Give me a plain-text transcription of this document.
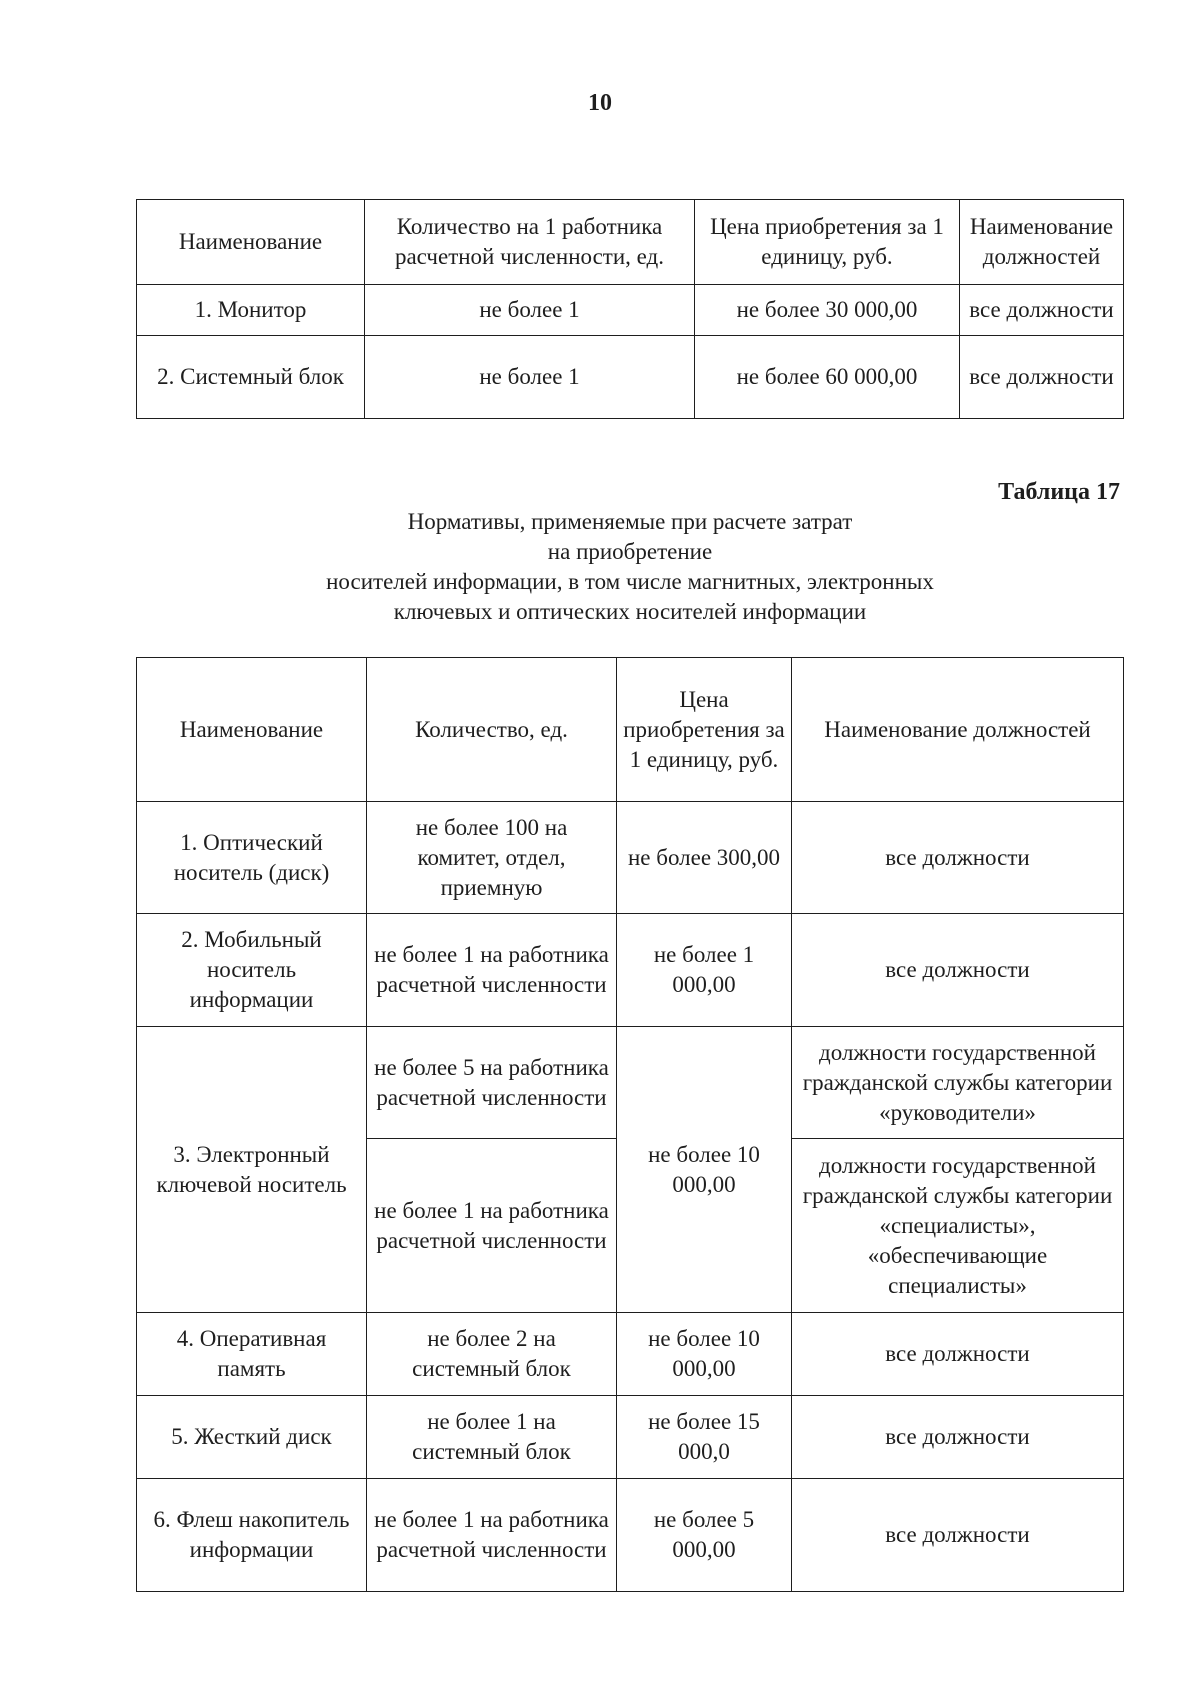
10
Наименование	Количество на 1 работника расчетной численности, ед.	Цена приобретения за 1 единицу, руб.	Наименование должностей
1. Монитор	не более 1	не более 30 000,00	все должности
2. Системный блок	не более 1	не более 60 000,00	все должности
Таблица 17
Нормативы, применяемые при расчете затрат
на приобретение
носителей информации, в том числе магнитных, электронных
ключевых и оптических носителей информации
Наименование	Количество, ед.	Цена приобретения за 1 единицу, руб.	Наименование должностей
1. Оптический носитель (диск)	не более 100 на комитет, отдел, приемную	не более 300,00	все должности
2. Мобильный носитель информации	не более 1 на работника расчетной численности	не более 1 000,00	все должности
3. Электронный ключевой носитель	не более 5 на работника расчетной численности	не более 10 000,00	должности государственной гражданской службы категории «руководители»
	не более 1 на работника расчетной численности		должности государственной гражданской службы категории «специалисты», «обеспечивающие специалисты»
4. Оперативная память	не более 2 на системный блок	не более 10 000,00	все должности
5. Жесткий диск	не более 1 на системный блок	не более 15 000,0	все должности
6. Флеш накопитель информации	не более 1 на работника расчетной численности	не более 5 000,00	все должности
